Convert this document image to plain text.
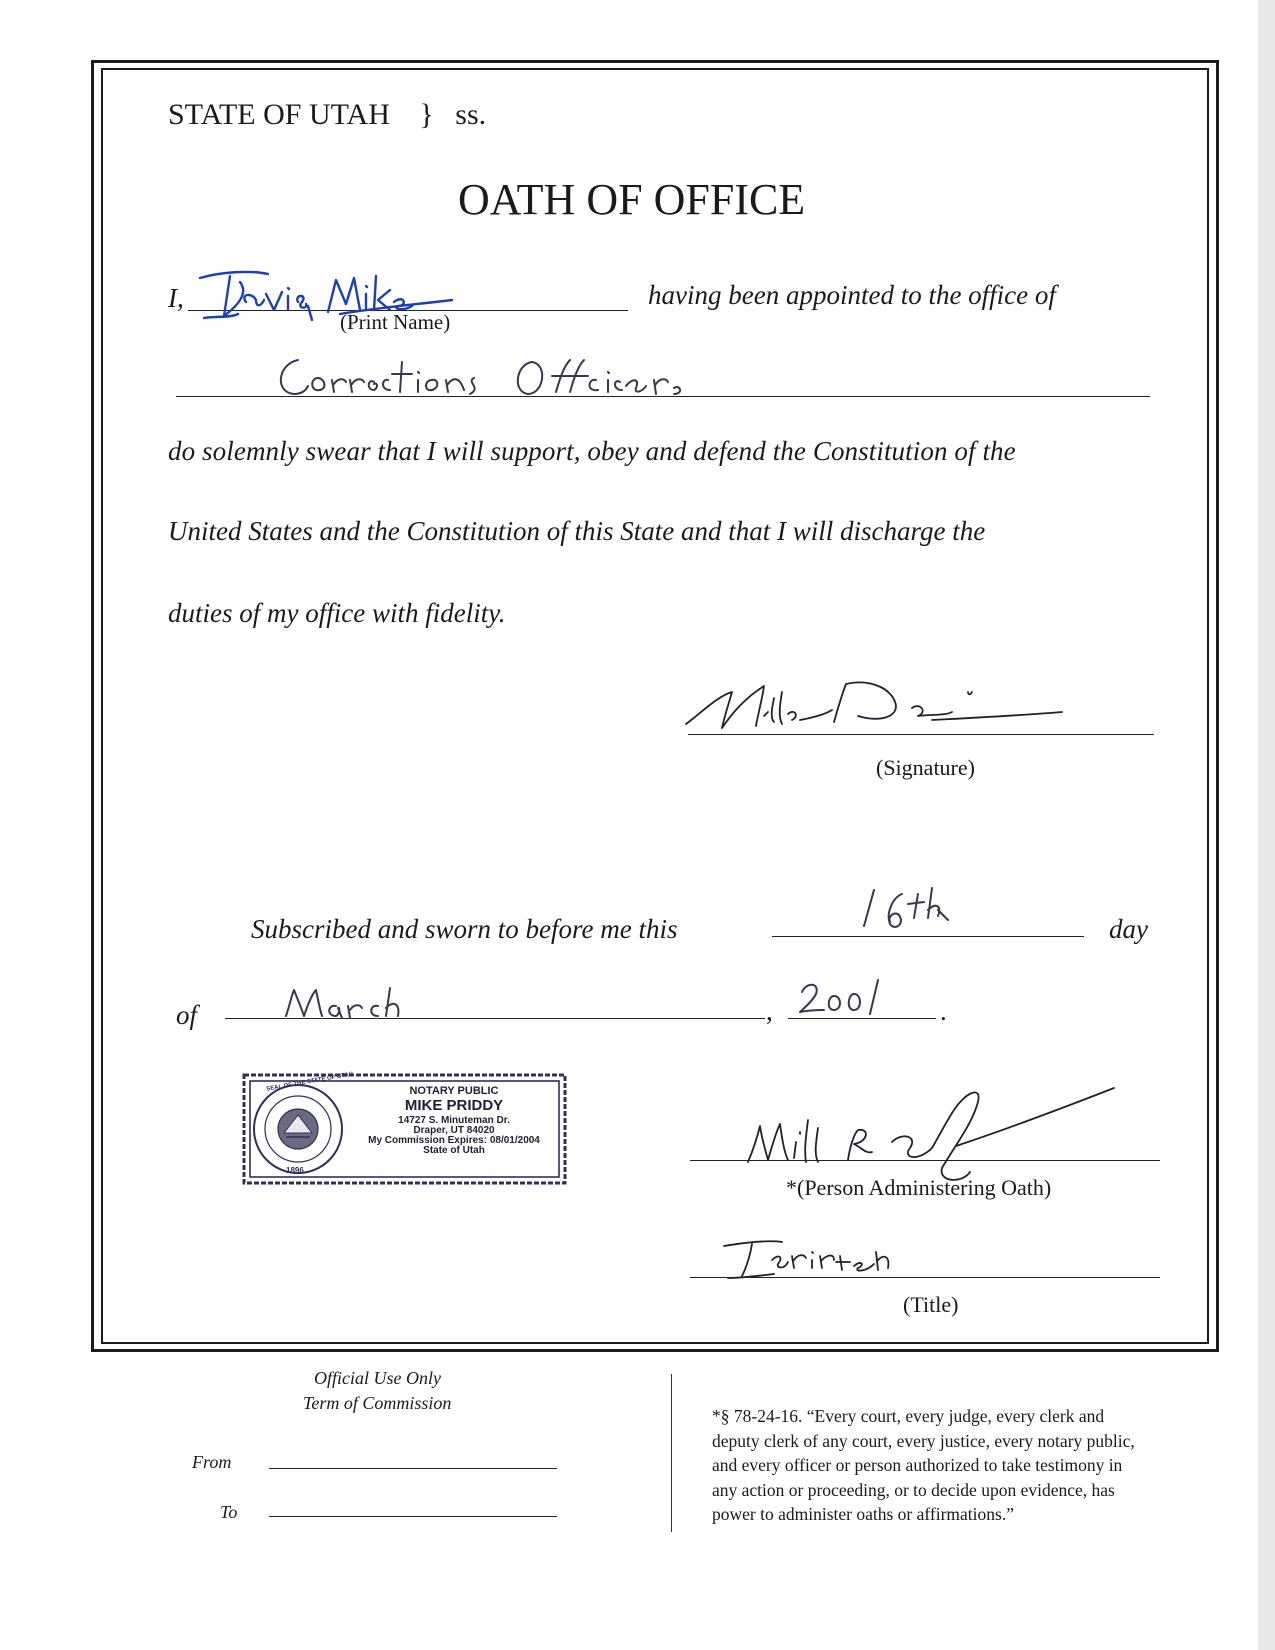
STATE OF UTAH } ss.
OATH OF OFFICE
I,
(Print Name)
having been appointed to the office of
do solemnly swear that I will support, obey and defend the Constitution of the
United States and the Constitution of this State and that I will discharge the
duties of my office with fidelity.
(Signature)
Subscribed and sworn to before me this	day
of	,	.
SEAL OF THE STATE OF UTAH
1896
NOTARY PUBLIC
MIKE PRIDDY
14727 S. Minuteman Dr.
Draper, UT 84020
My Commission Expires: 08/01/2004
State of Utah
*(Person Administering Oath)
(Title)
Official Use Only
Term of Commission
From
To
*§ 78-24-16. “Every court, every judge, every clerk and
deputy clerk of any court, every justice, every notary public,
and every officer or person authorized to take testimony in
any action or proceeding, or to decide upon evidence, has
power to administer oaths or affirmations.”
